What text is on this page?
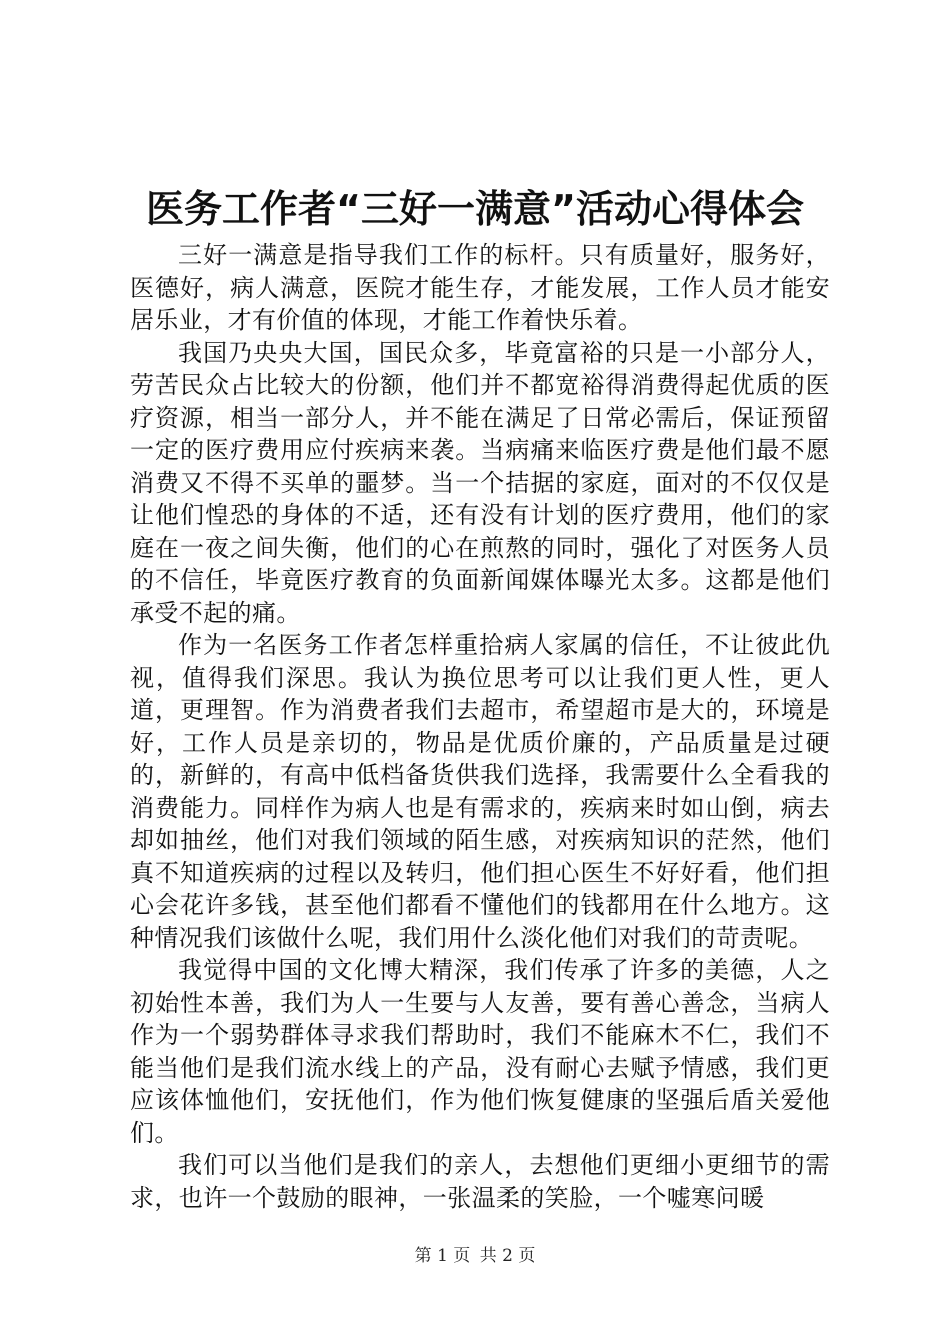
医务工作者“三好一满意”活动心得体会

三好一满意是指导我们工作的标杆。只有质量好，服务好，医德好，病人满意，医院才能生存，才能发展，工作人员才能安居乐业，才有价值的体现，才能工作着快乐着。

我国乃央央大国，国民众多，毕竟富裕的只是一小部分人，劳苦民众占比较大的份额，他们并不都宽裕得消费得起优质的医疗资源，相当一部分人，并不能在满足了日常必需后，保证预留一定的医疗费用应付疾病来袭。当病痛来临医疗费是他们最不愿消费又不得不买单的噩梦。当一个拮据的家庭，面对的不仅仅是让他们惶恐的身体的不适，还有没有计划的医疗费用，他们的家庭在一夜之间失衡，他们的心在煎熬的同时，强化了对医务人员的不信任，毕竟医疗教育的负面新闻媒体曝光太多。这都是他们承受不起的痛。

作为一名医务工作者怎样重拾病人家属的信任，不让彼此仇视，值得我们深思。我认为换位思考可以让我们更人性，更人道，更理智。作为消费者我们去超市，希望超市是大的，环境是好，工作人员是亲切的，物品是优质价廉的，产品质量是过硬的，新鲜的，有高中低档备货供我们选择，我需要什么全看我的消费能力。同样作为病人也是有需求的，疾病来时如山倒，病去却如抽丝，他们对我们领域的陌生感，对疾病知识的茫然，他们真不知道疾病的过程以及转归，他们担心医生不好好看，他们担心会花许多钱，甚至他们都看不懂他们的钱都用在什么地方。这种情况我们该做什么呢，我们用什么淡化他们对我们的苛责呢。

我觉得中国的文化博大精深，我们传承了许多的美德，人之初始性本善，我们为人一生要与人友善，要有善心善念，当病人作为一个弱势群体寻求我们帮助时，我们不能麻木不仁，我们不能当他们是我们流水线上的产品，没有耐心去赋予情感，我们更应该体恤他们，安抚他们，作为他们恢复健康的坚强后盾关爱他们。

我们可以当他们是我们的亲人，去想他们更细小更细节的需求，也许一个鼓励的眼神，一张温柔的笑脸，一个嘘寒问暖

第 1 页 共 2 页
